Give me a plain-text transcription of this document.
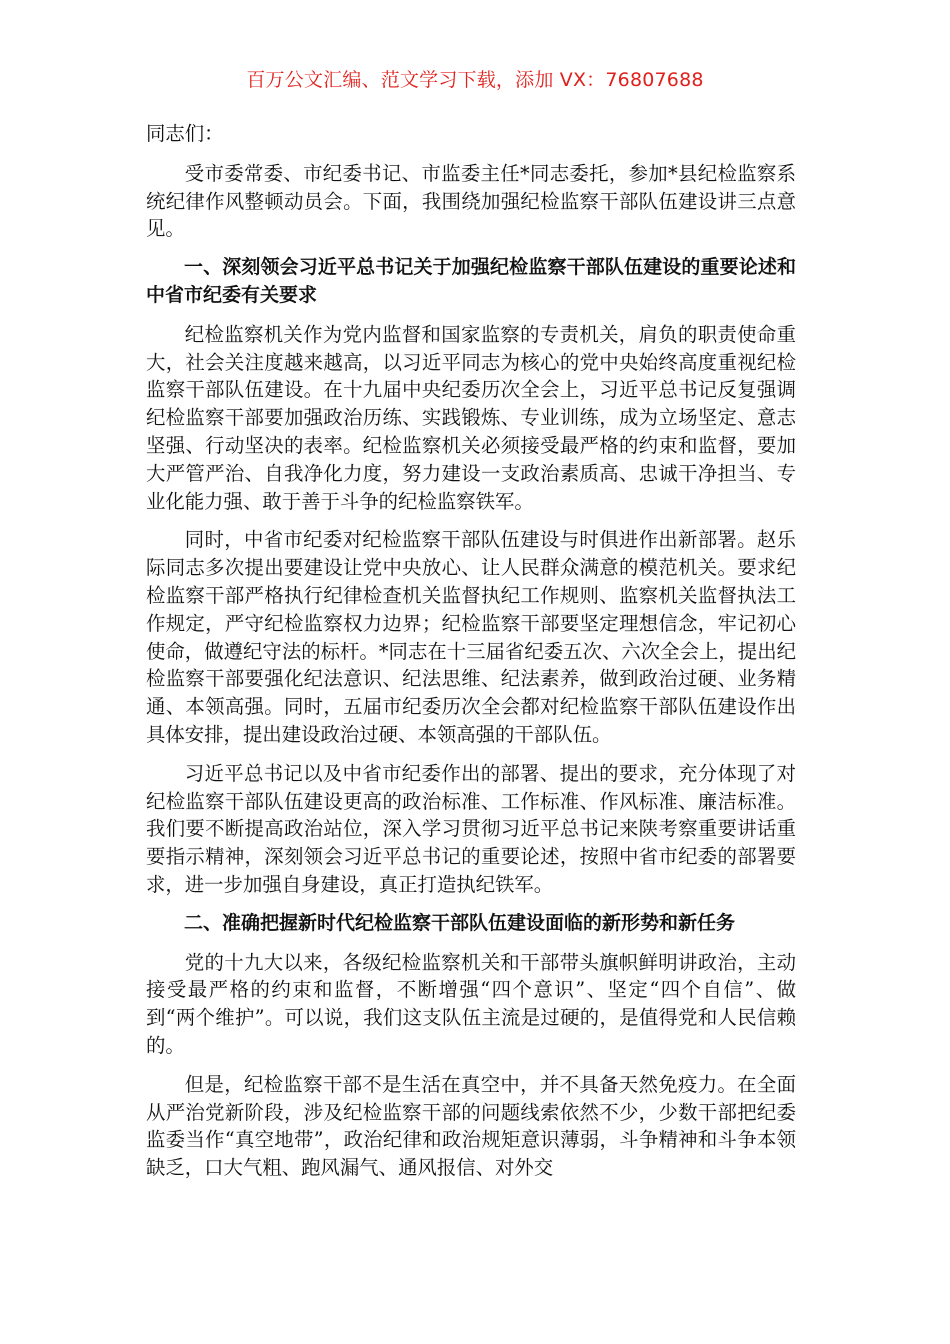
百万公文汇编、范文学习下载，添加 VX：76807688

同志们：

受市委常委、市纪委书记、市监委主任*同志委托，参加*县纪检监察系统纪律作风整顿动员会。下面，我围绕加强纪检监察干部队伍建设讲三点意见。

一、深刻领会习近平总书记关于加强纪检监察干部队伍建设的重要论述和中省市纪委有关要求

纪检监察机关作为党内监督和国家监察的专责机关，肩负的职责使命重大，社会关注度越来越高，以习近平同志为核心的党中央始终高度重视纪检监察干部队伍建设。在十九届中央纪委历次全会上，习近平总书记反复强调纪检监察干部要加强政治历练、实践锻炼、专业训练，成为立场坚定、意志坚强、行动坚决的表率。纪检监察机关必须接受最严格的约束和监督，要加大严管严治、自我净化力度，努力建设一支政治素质高、忠诚干净担当、专业化能力强、敢于善于斗争的纪检监察铁军。

同时，中省市纪委对纪检监察干部队伍建设与时俱进作出新部署。赵乐际同志多次提出要建设让党中央放心、让人民群众满意的模范机关。要求纪检监察干部严格执行纪律检查机关监督执纪工作规则、监察机关监督执法工作规定，严守纪检监察权力边界；纪检监察干部要坚定理想信念，牢记初心使命，做遵纪守法的标杆。*同志在十三届省纪委五次、六次全会上，提出纪检监察干部要强化纪法意识、纪法思维、纪法素养，做到政治过硬、业务精通、本领高强。同时，五届市纪委历次全会都对纪检监察干部队伍建设作出具体安排，提出建设政治过硬、本领高强的干部队伍。

习近平总书记以及中省市纪委作出的部署、提出的要求，充分体现了对纪检监察干部队伍建设更高的政治标准、工作标准、作风标准、廉洁标准。我们要不断提高政治站位，深入学习贯彻习近平总书记来陕考察重要讲话重要指示精神，深刻领会习近平总书记的重要论述，按照中省市纪委的部署要求，进一步加强自身建设，真正打造执纪铁军。

二、准确把握新时代纪检监察干部队伍建设面临的新形势和新任务

党的十九大以来，各级纪检监察机关和干部带头旗帜鲜明讲政治，主动接受最严格的约束和监督，不断增强“四个意识”、坚定“四个自信”、做到“两个维护”。可以说，我们这支队伍主流是过硬的，是值得党和人民信赖的。

但是，纪检监察干部不是生活在真空中，并不具备天然免疫力。在全面从严治党新阶段，涉及纪检监察干部的问题线索依然不少，少数干部把纪委监委当作“真空地带”，政治纪律和政治规矩意识薄弱，斗争精神和斗争本领缺乏，口大气粗、跑风漏气、通风报信、对外交
